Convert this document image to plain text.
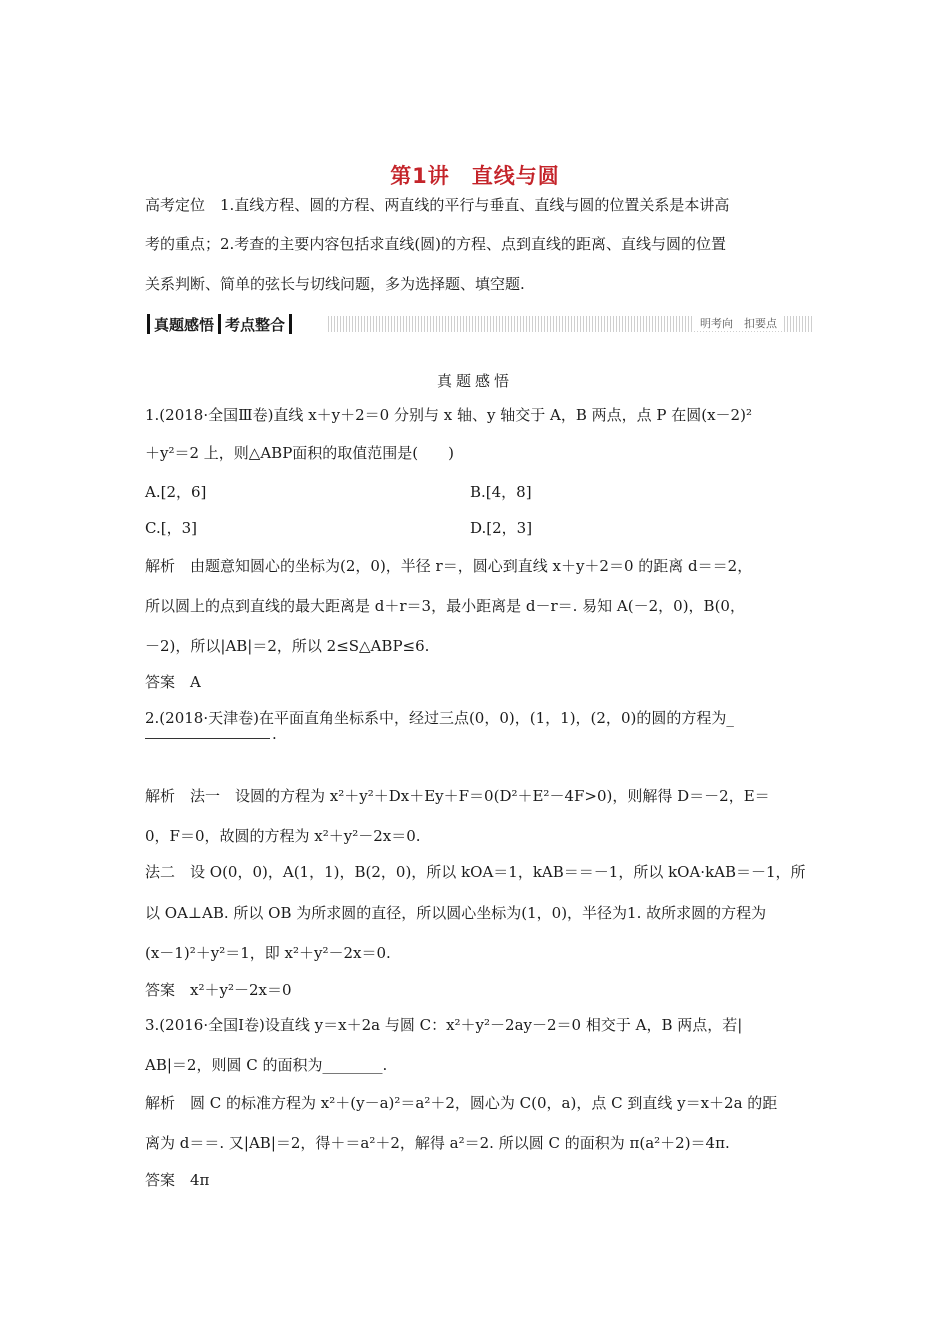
第1讲　直线与圆
高考定位　1.直线方程、圆的方程、两直线的平行与垂直、直线与圆的位置关系是本讲高
考的重点；2.考查的主要内容包括求直线(圆)的方程、点到直线的距离、直线与圆的位置
关系判断、简单的弦长与切线问题，多为选择题、填空题.
真题感悟 考点整合	明考向　扣要点
真题感悟
1.(2018·全国Ⅲ卷)直线 x＋y＋2＝0 分别与 x 轴、y 轴交于 A，B 两点，点 P 在圆(x－2)²
＋y²＝2 上，则△ABP面积的取值范围是(　　)
A.[2，6]	B.[4，8]
C.[，3]	D.[2，3]
解析　由题意知圆心的坐标为(2，0)，半径 r＝，圆心到直线 x＋y＋2＝0 的距离 d＝＝2，
所以圆上的点到直线的最大距离是 d＋r＝3，最小距离是 d－r＝. 易知 A(－2，0)，B(0，
－2)，所以|AB|＝2，所以 2≤S△ABP≤6.
答案　A
2.(2018·天津卷)在平面直角坐标系中，经过三点(0，0)，(1，1)，(2，0)的圆的方程为_
.
解析　法一　设圆的方程为 x²＋y²＋Dx＋Ey＋F＝0(D²＋E²－4F>0)，则解得 D＝－2，E＝
0，F＝0，故圆的方程为 x²＋y²－2x＝0.
法二　设 O(0，0)，A(1，1)，B(2，0)，所以 kOA＝1，kAB＝＝－1，所以 kOA·kAB＝－1，所
以 OA⊥AB. 所以 OB 为所求圆的直径，所以圆心坐标为(1，0)，半径为1. 故所求圆的方程为
(x－1)²＋y²＝1，即 x²＋y²－2x＝0.
答案　x²＋y²－2x＝0
3.(2016·全国Ⅰ卷)设直线 y＝x＋2a 与圆 C：x²＋y²－2ay－2＝0 相交于 A，B 两点，若|
AB|＝2，则圆 C 的面积为________.
解析　圆 C 的标准方程为 x²＋(y－a)²＝a²＋2，圆心为 C(0，a)，点 C 到直线 y＝x＋2a 的距
离为 d＝＝. 又|AB|＝2，得＋＝a²＋2，解得 a²＝2. 所以圆 C 的面积为 π(a²＋2)＝4π.
答案　4π
